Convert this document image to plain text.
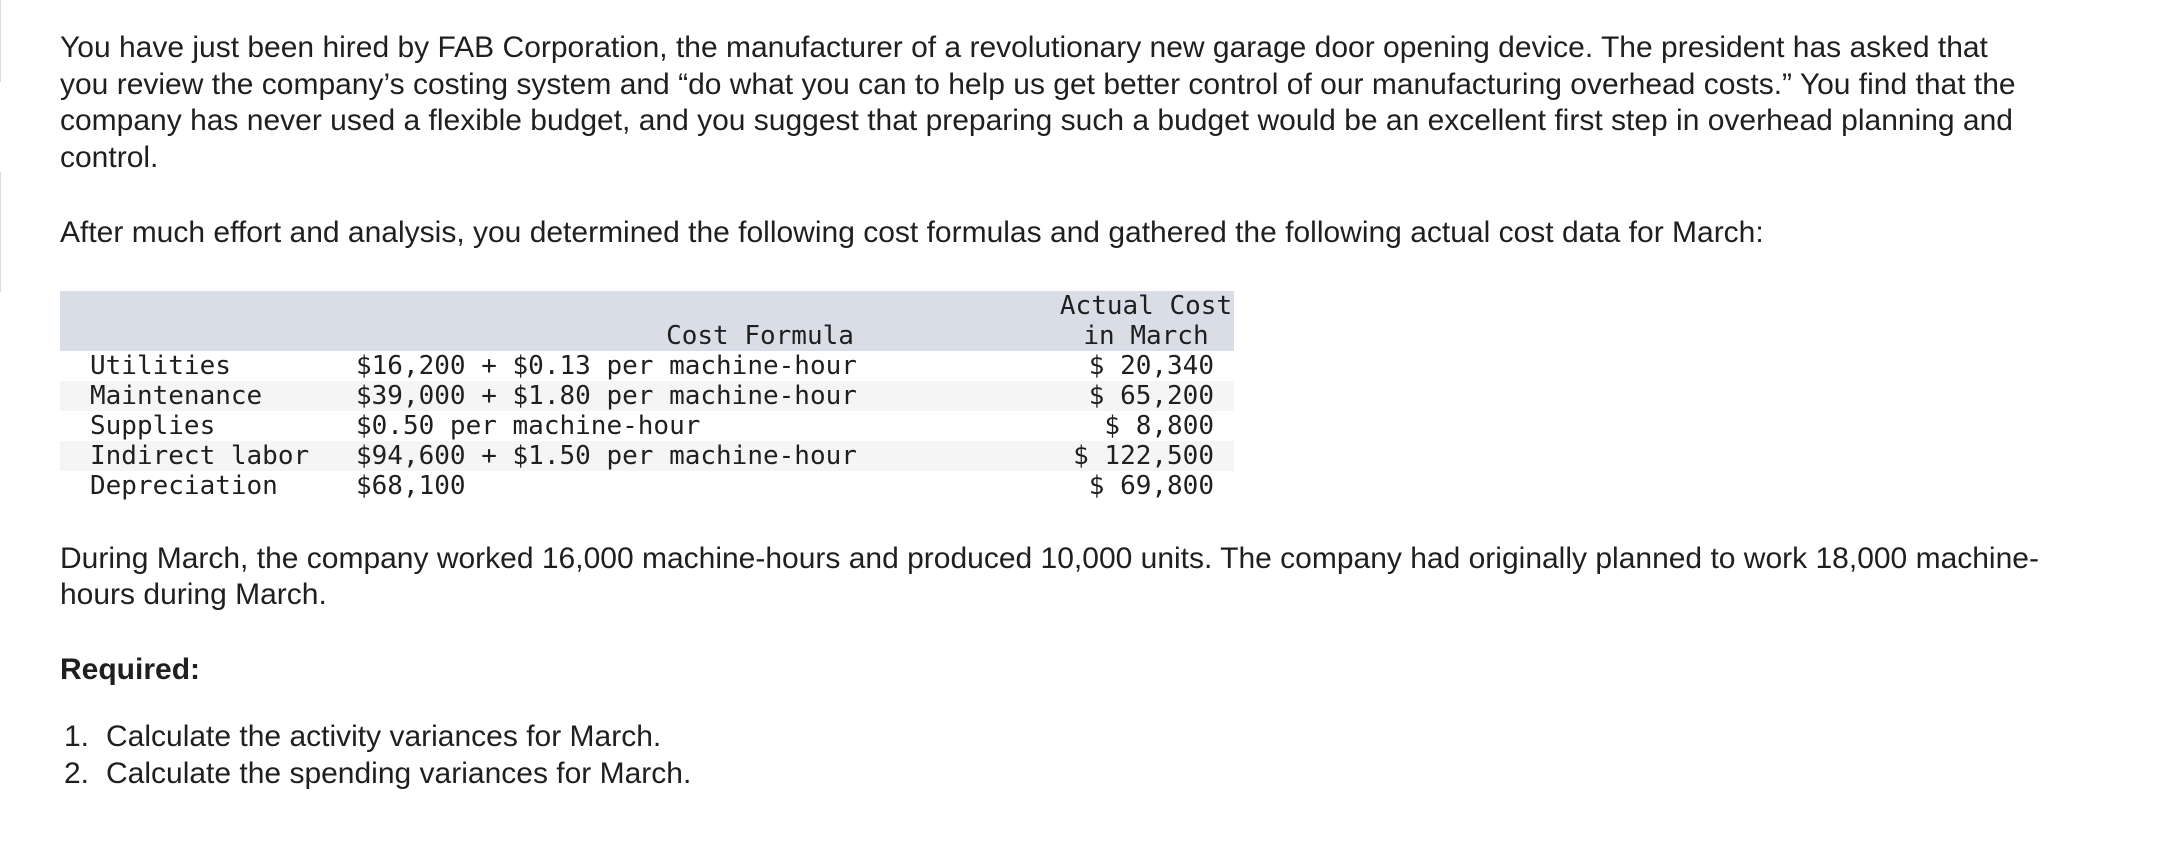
You have just been hired by FAB Corporation, the manufacturer of a revolutionary new garage door opening device. The president has asked that you review the company’s costing system and “do what you can to help us get better control of our manufacturing overhead costs.” You find that the company has never used a flexible budget, and you suggest that preparing such a budget would be an excellent first step in overhead planning and control.

After much effort and analysis, you determined the following cost formulas and gathered the following actual cost data for March:

	Cost Formula	Actual Cost
in March

Utilities	$16,200 + $0.13 per machine-hour	$ 20,340
Maintenance	$39,000 + $1.80 per machine-hour	$ 65,200
Supplies	$0.50 per machine-hour	$ 8,800
Indirect labor	$94,600 + $1.50 per machine-hour	$ 122,500
Depreciation	$68,100	$ 69,800

During March, the company worked 16,000 machine-hours and produced 10,000 units. The company had originally planned to work 18,000 machine-hours during March.

Required:

1. Calculate the activity variances for March.
2. Calculate the spending variances for March.
